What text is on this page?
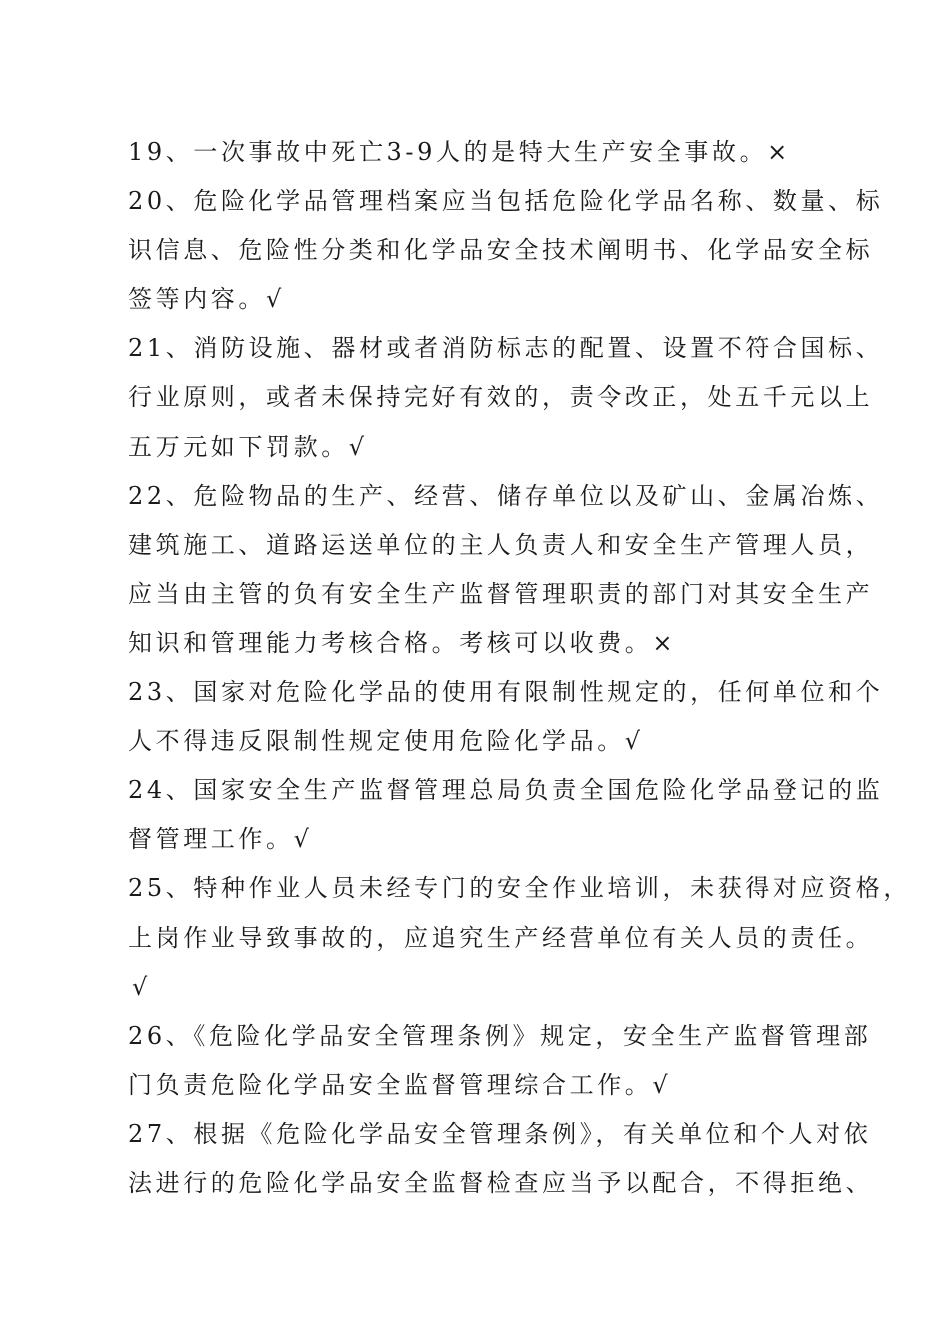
19、一次事故中死亡3-9人的是特大生产安全事故。×
20、危险化学品管理档案应当包括危险化学品名称、数量、标
识信息、危险性分类和化学品安全技术阐明书、化学品安全标
签等内容。√
21、消防设施、器材或者消防标志的配置、设置不符合国标、
行业原则，或者未保持完好有效的，责令改正，处五千元以上
五万元如下罚款。√
22、危险物品的生产、经营、储存单位以及矿山、金属冶炼、
建筑施工、道路运送单位的主人负责人和安全生产管理人员，
应当由主管的负有安全生产监督管理职责的部门对其安全生产
知识和管理能力考核合格。考核可以收费。×
23、国家对危险化学品的使用有限制性规定的，任何单位和个
人不得违反限制性规定使用危险化学品。√
24、国家安全生产监督管理总局负责全国危险化学品登记的监
督管理工作。√
25、特种作业人员未经专门的安全作业培训，未获得对应资格，
上岗作业导致事故的，应追究生产经营单位有关人员的责任。
√
26、《危险化学品安全管理条例》规定，安全生产监督管理部
门负责危险化学品安全监督管理综合工作。√
27、根据《危险化学品安全管理条例》，有关单位和个人对依
法进行的危险化学品安全监督检查应当予以配合，不得拒绝、
